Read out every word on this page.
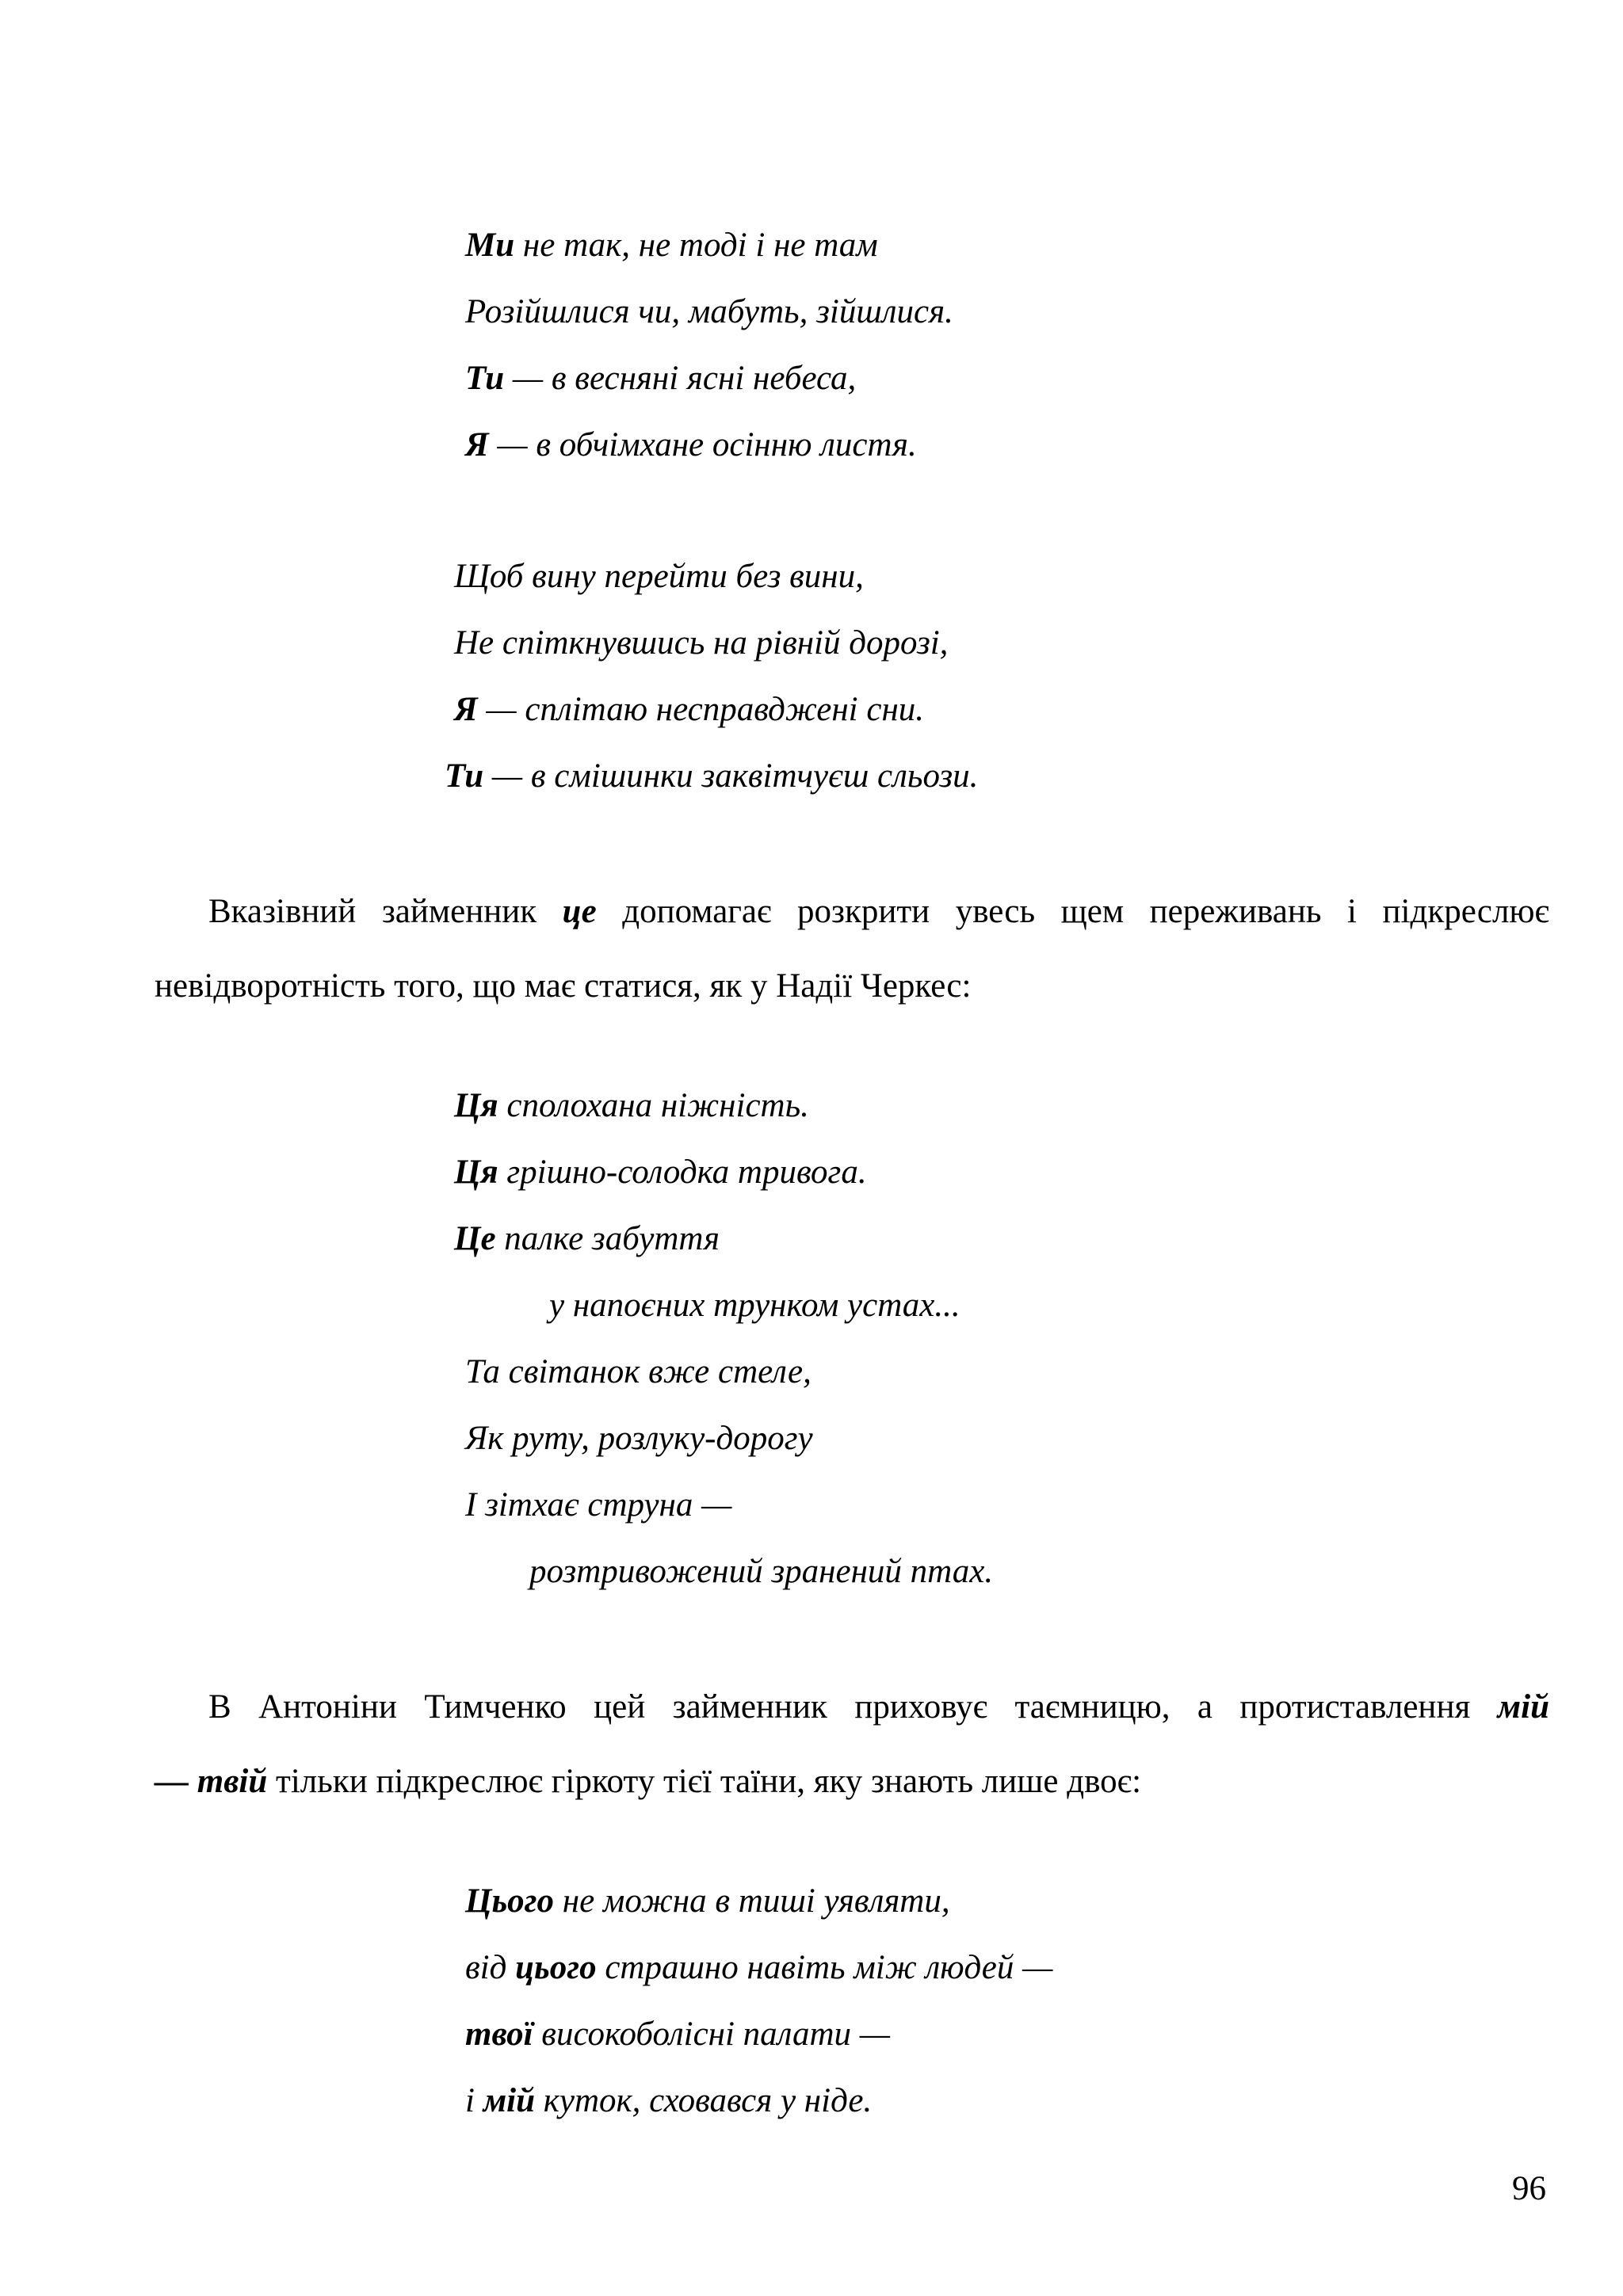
Ми не так, не тоді і не там
Розійшлися чи, мабуть, зійшлися.
Ти — в весняні ясні небеса,
Я — в обчімхане осінню листя.
Щоб вину перейти без вини,
Не спіткнувшись на рівній дорозі,
Я — сплітаю несправджені сни.
Ти — в смішинки заквітчуєш сльози.
Вказівний займенник це допомагає розкрити увесь щем переживань і підкреслює
невідворотність того, що має статися, як у Надії Черкес:
Ця сполохана ніжність.
Ця грішно-солодка тривога.
Це палке забуття
у напоєних трунком устах...
Та світанок вже стеле,
Як руту, розлуку-дорогу
І зітхає струна —
розтривожений зранений птах.
В Антоніни Тимченко цей займенник приховує таємницю, а протиставлення мій
— твій тільки підкреслює гіркоту тієї таїни, яку знають лише двоє:
Цього не можна в тиші уявляти,
від цього страшно навіть між людей —
твої високоболісні палати —
і мій куток, сховався у ніде.
96
